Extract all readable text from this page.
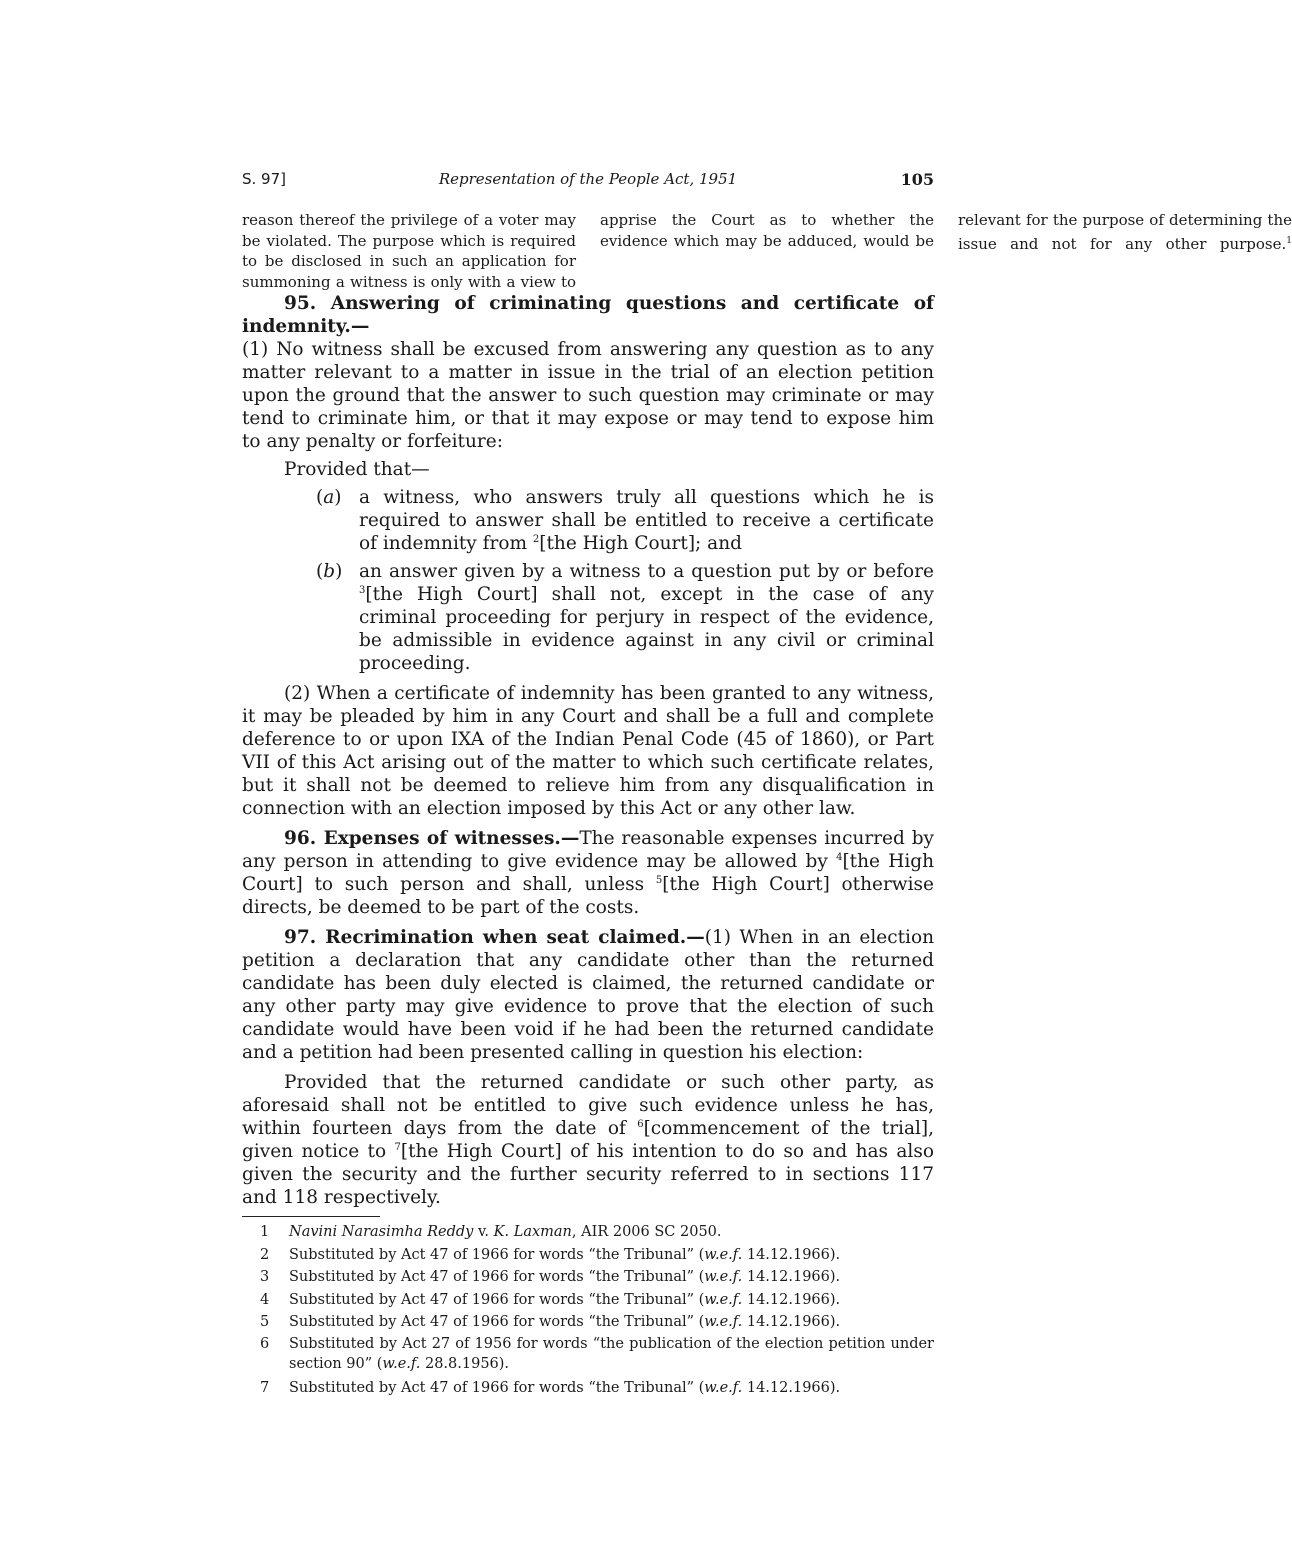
S. 97]	Representation of the People Act, 1951	105
reason thereof the privilege of a voter may be violated. The purpose which is required to be disclosed in such an application for summoning a witness is only with a view to apprise the Court as to whether the evidence which may be adduced, would be relevant for the purpose of determining the issue and not for any other purpose.$^1$

95. Answering of criminating questions and certificate of indemnity.—
(1) No witness shall be excused from answering any question as to any matter relevant to a matter in issue in the trial of an election petition upon the ground that the answer to such question may criminate or may tend to criminate him, or that it may expose or may tend to expose him to any penalty or forfeiture:

Provided that—

(a) a witness, who answers truly all questions which he is required to answer shall be entitled to receive a certificate of indemnity from $^2$[the High Court]; and
(b) an answer given by a witness to a question put by or before $^3$[the High Court] shall not, except in the case of any criminal proceeding for perjury in respect of the evidence, be admissible in evidence against in any civil or criminal proceeding.

(2) When a certificate of indemnity has been granted to any witness, it may be pleaded by him in any Court and shall be a full and complete deference to or upon IXA of the Indian Penal Code (45 of 1860), or Part VII of this Act arising out of the matter to which such certificate relates, but it shall not be deemed to relieve him from any disqualification in connection with an election imposed by this Act or any other law.

96. Expenses of witnesses.—The reasonable expenses incurred by any person in attending to give evidence may be allowed by $^4$[the High Court] to such person and shall, unless $^5$[the High Court] otherwise directs, be deemed to be part of the costs.

97. Recrimination when seat claimed.—(1) When in an election petition a declaration that any candidate other than the returned candidate has been duly elected is claimed, the returned candidate or any other party may give evidence to prove that the election of such candidate would have been void if he had been the returned candidate and a petition had been presented calling in question his election:

Provided that the returned candidate or such other party, as aforesaid shall not be entitled to give such evidence unless he has, within fourteen days from the date of $^6$[commencement of the trial], given notice to $^7$[the High Court] of his intention to do so and has also given the security and the further security referred to in sections 117 and 118 respectively.

1 Navini Narasimha Reddy v. K. Laxman, AIR 2006 SC 2050.
2 Substituted by Act 47 of 1966 for words “the Tribunal” (w.e.f. 14.12.1966).
3 Substituted by Act 47 of 1966 for words “the Tribunal” (w.e.f. 14.12.1966).
4 Substituted by Act 47 of 1966 for words “the Tribunal” (w.e.f. 14.12.1966).
5 Substituted by Act 47 of 1966 for words “the Tribunal” (w.e.f. 14.12.1966).
6 Substituted by Act 27 of 1956 for words “the publication of the election petition under section 90” (w.e.f. 28.8.1956).
7 Substituted by Act 47 of 1966 for words “the Tribunal” (w.e.f. 14.12.1966).
